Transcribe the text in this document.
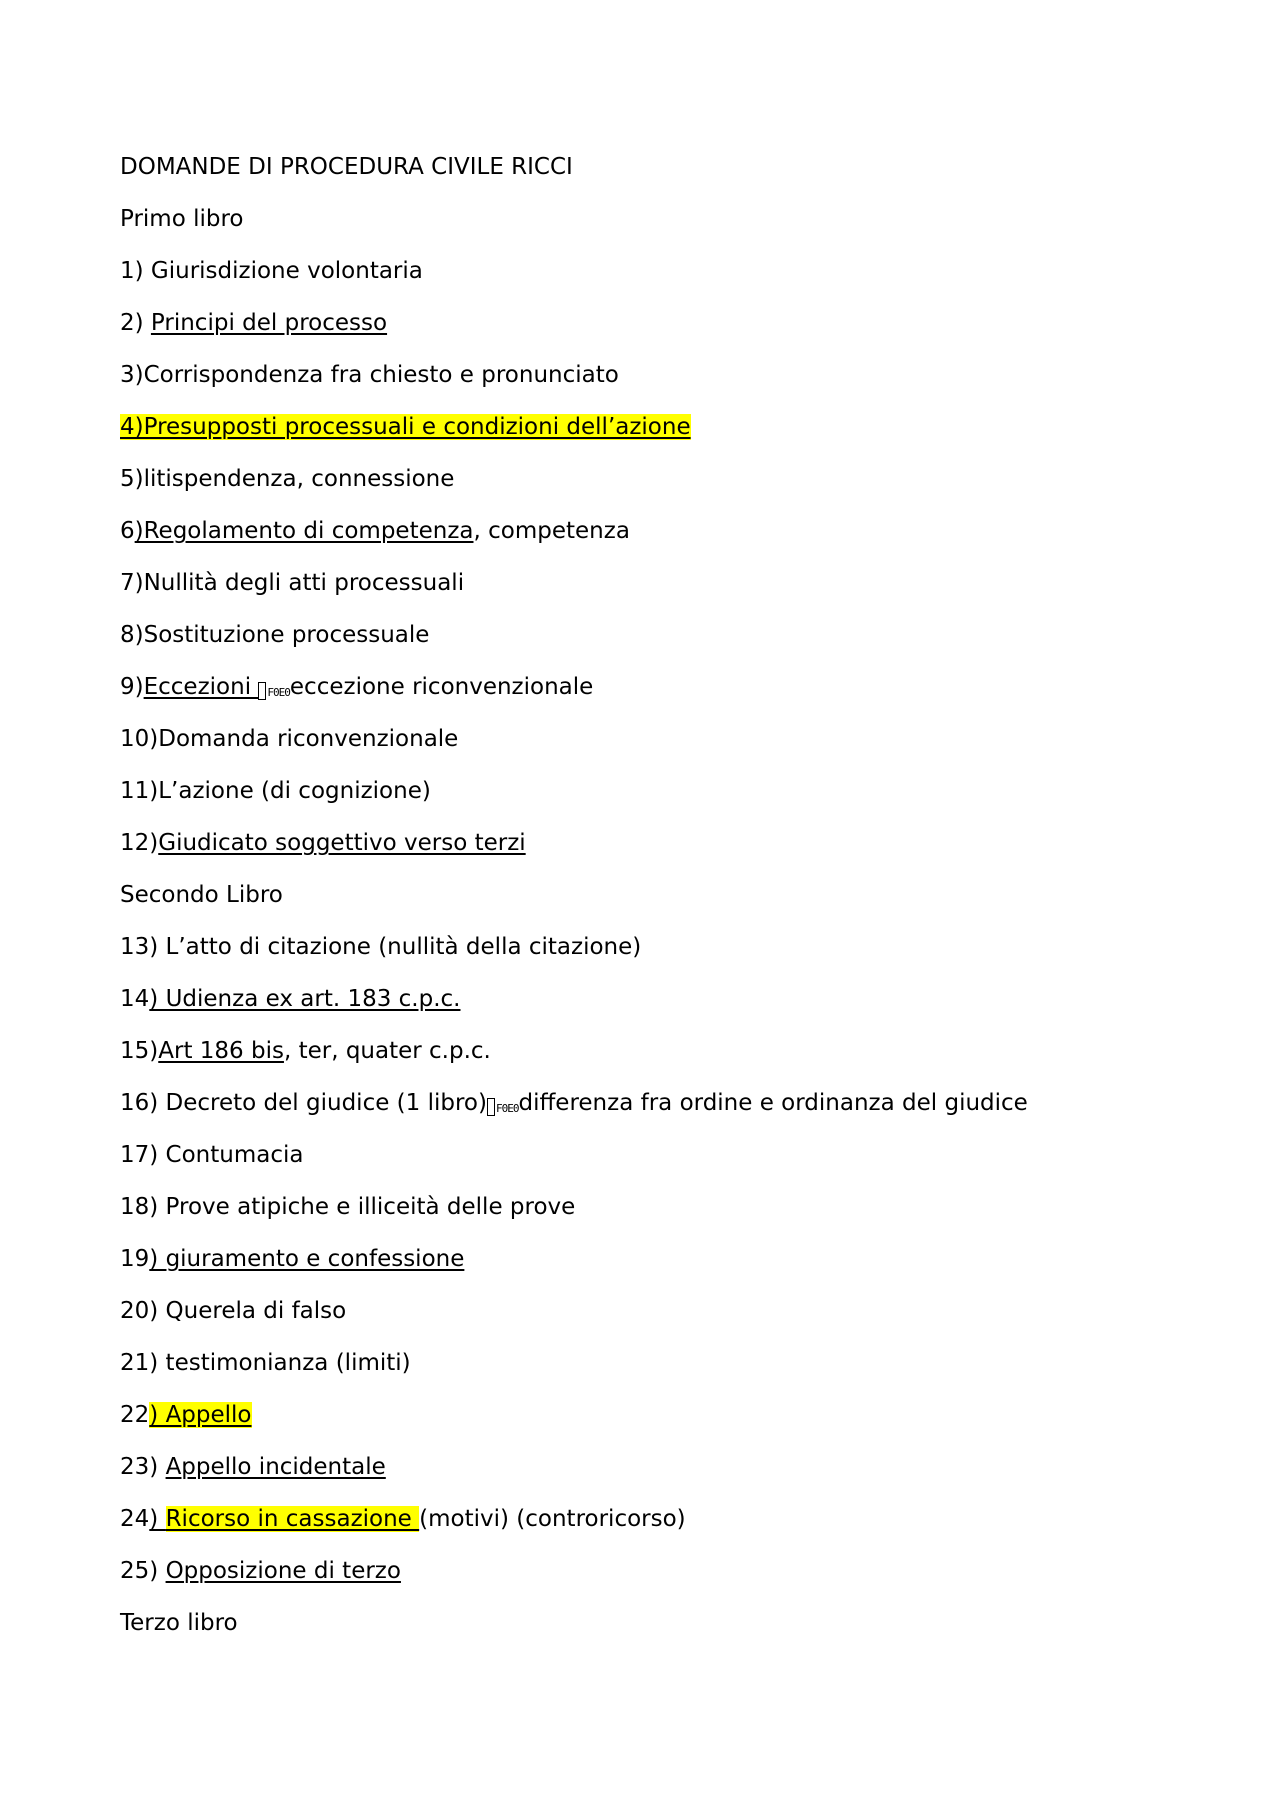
DOMANDE DI PROCEDURA CIVILE RICCI
Primo libro
1) Giurisdizione volontaria
2) Principi del processo
3)Corrispondenza fra chiesto e pronunciato
4)Presupposti processuali e condizioni dell’azione
5)litispendenza, connessione
6)Regolamento di competenza, competenza
7)Nullità degli atti processuali
8)Sostituzione processuale
9)Eccezioni F0E0eccezione riconvenzionale
10)Domanda riconvenzionale
11)L’azione (di cognizione)
12)Giudicato soggettivo verso terzi
Secondo Libro
13) L’atto di citazione (nullità della citazione)
14) Udienza ex art. 183 c.p.c.
15)Art 186 bis, ter, quater c.p.c.
16) Decreto del giudice (1 libro) F0E0differenza fra ordine e ordinanza del giudice
17) Contumacia
18) Prove atipiche e illiceità delle prove
19) giuramento e confessione
20) Querela di falso
21) testimonianza (limiti)
22) Appello
23) Appello incidentale
24) Ricorso in cassazione (motivi) (controricorso)
25) Opposizione di terzo
Terzo libro
